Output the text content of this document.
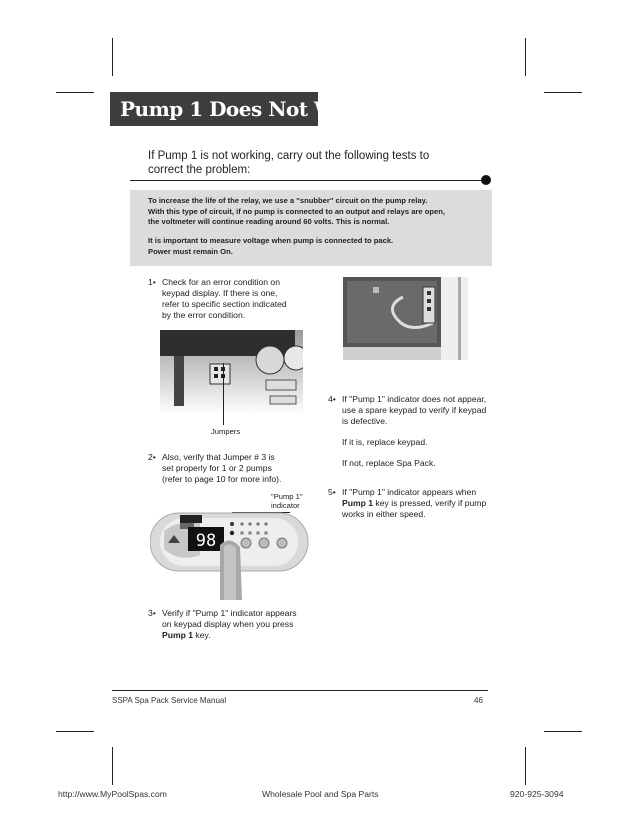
Pump 1 Does Not Work!
If Pump 1 is not working, carry out the following tests to correct the problem:

To increase the life of the relay, we use a "snubber" circuit on the pump relay.

With this type of circuit, if no pump is connected to an output and relays are open,

the voltmeter will continue reading around 60 volts. This is normal.

It is important to measure voltage when pump is connected to pack.

Power must remain On.

1• Check for an error condition on
keypad display. If there is one,
refer to specific section indicated
by the error condition.
Jumpers
2• Also, verify that Jumper # 3 is
set properly for 1 or 2 pumps
(refer to page 10 for more info).
"Pump 1"
indicator
98
3• Verify if "Pump 1" indicator appears
on keypad display when you press
Pump 1 key.
4• If "Pump 1" indicator does not appear,
use a spare keypad to verify if keypad
is defective.

If it is, replace keypad.

If not, replace Spa Pack.

5• If "Pump 1" indicator appears when
Pump 1 key is pressed, verify if pump
works in either speed.
SSPA Spa Pack Service Manual	46
http://www.MyPoolSpas.com	Wholesale Pool and Spa Parts	920-925-3094
